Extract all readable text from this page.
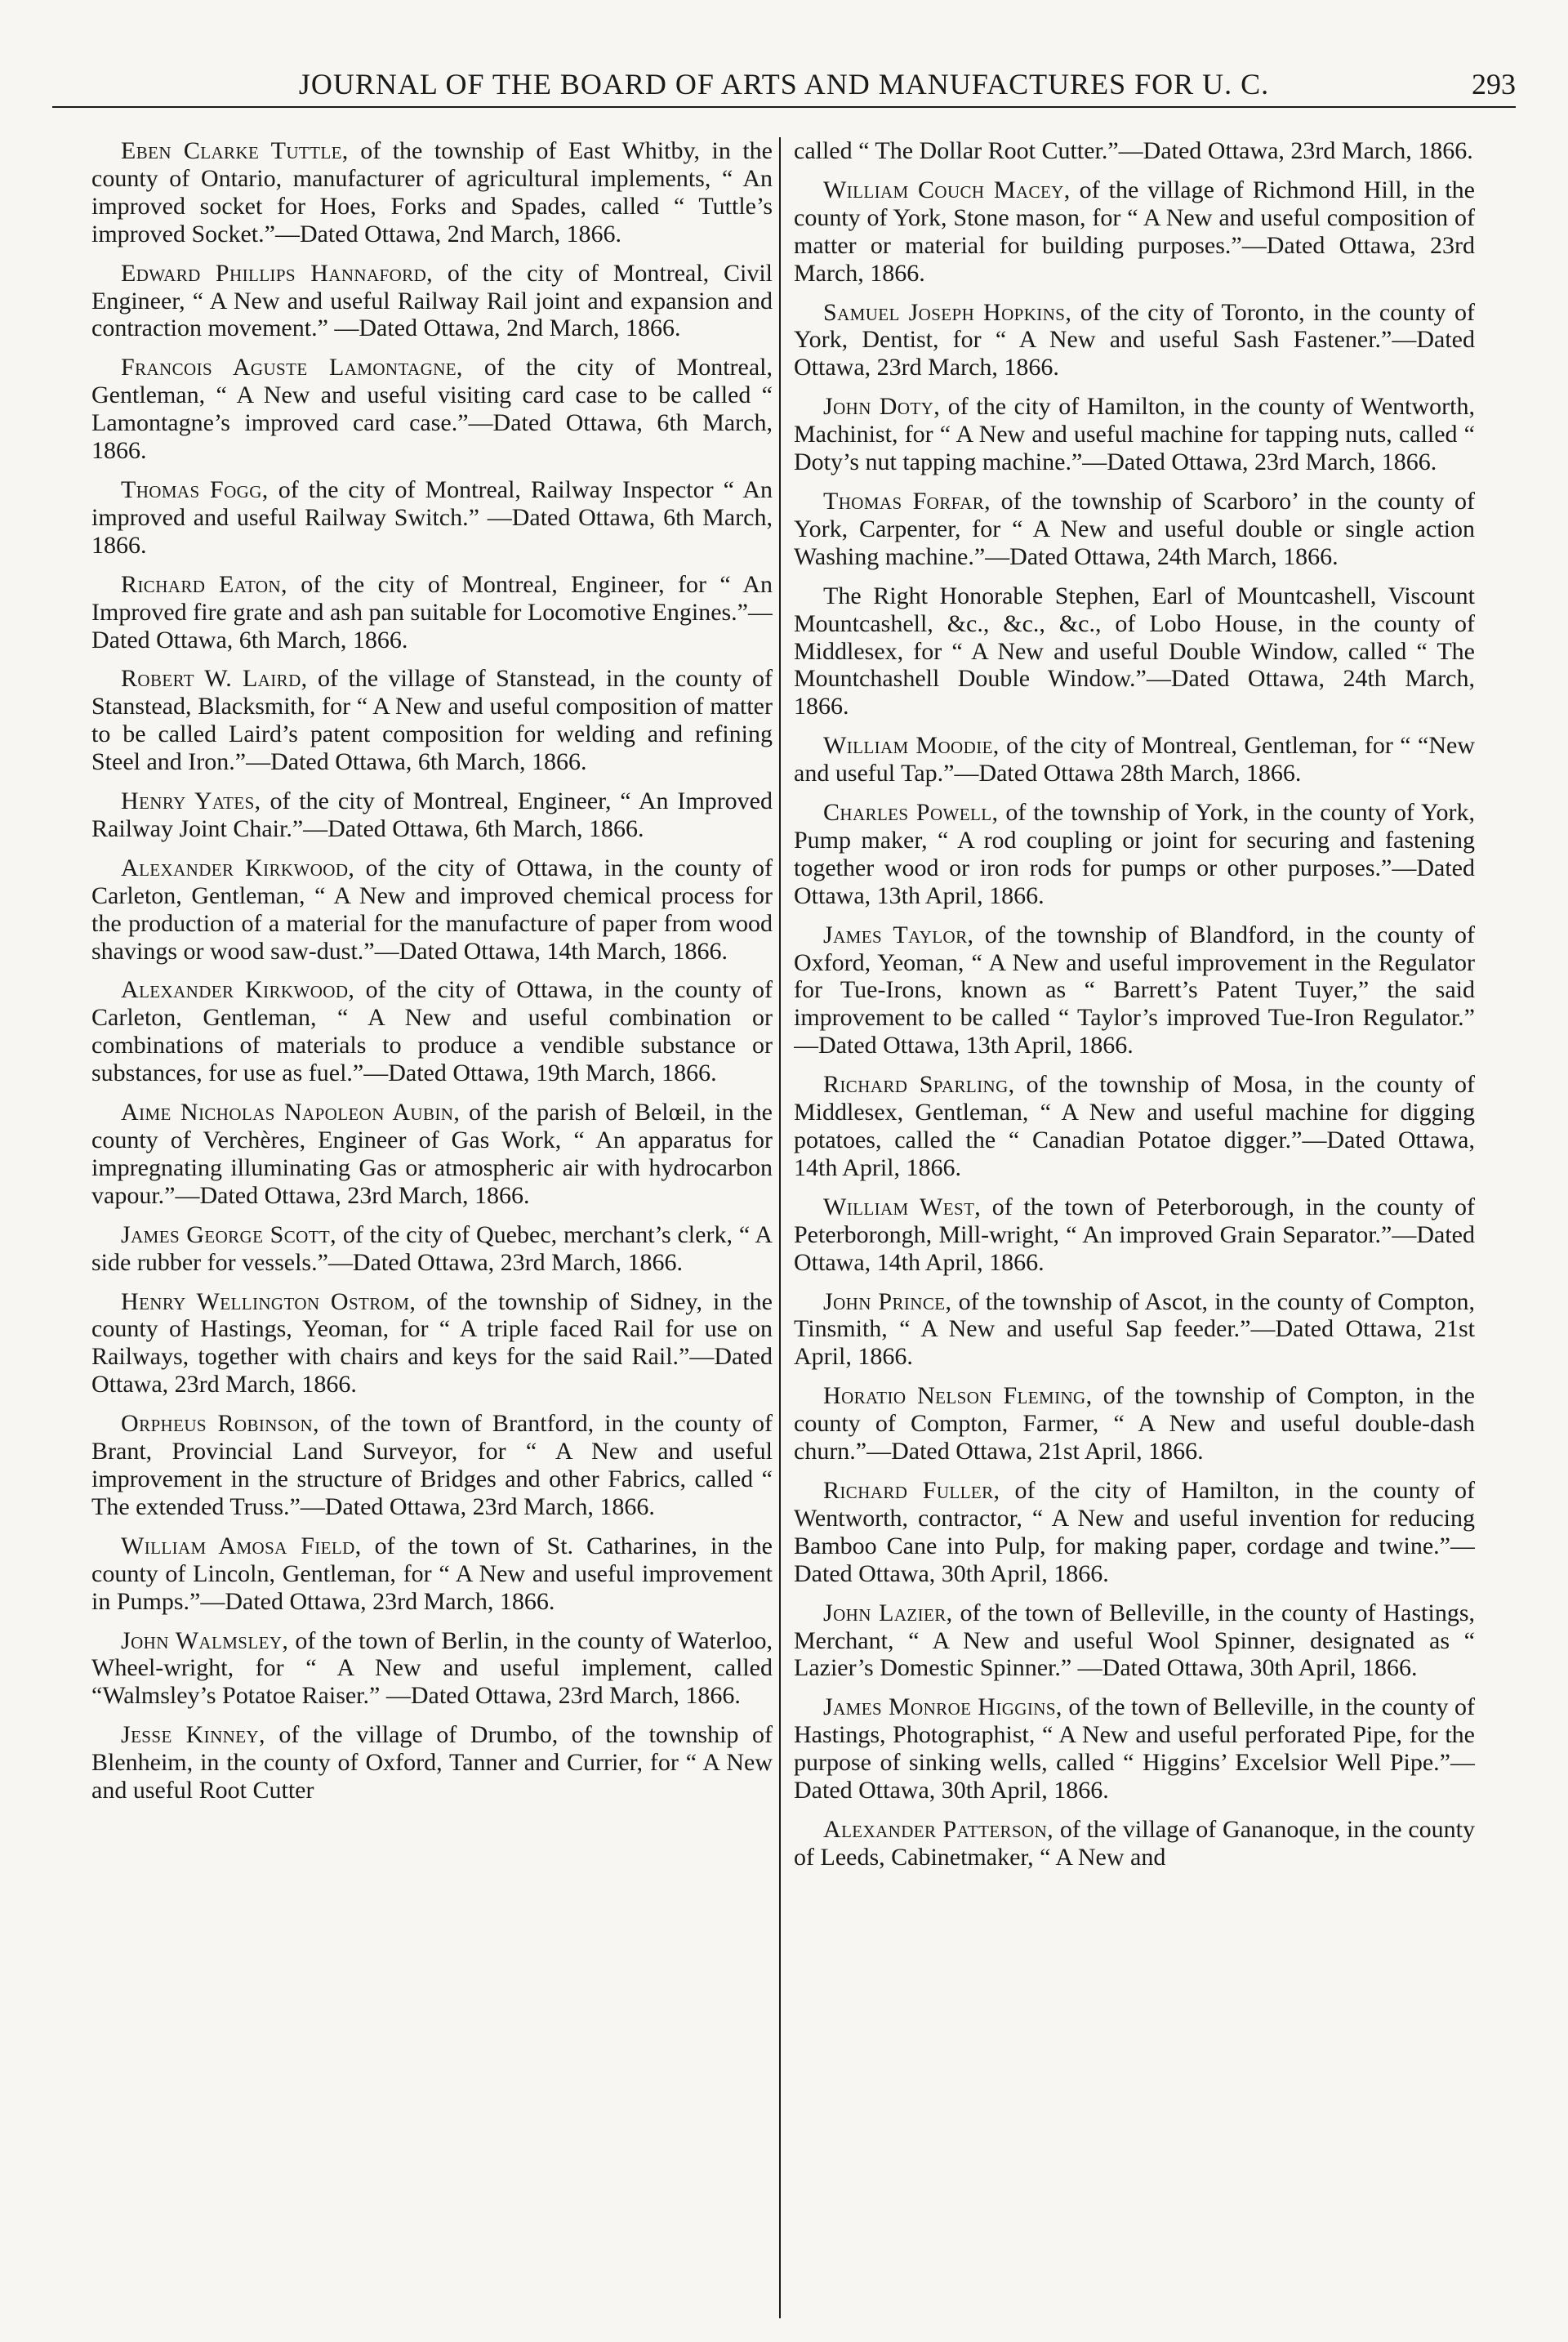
JOURNAL OF THE BOARD OF ARTS AND MANUFACTURES FOR U. C.	293

Eben Clarke Tuttle, of the township of East Whitby, in the county of Ontario, manufacturer of agricultural implements, “ An improved socket for Hoes, Forks and Spades, called “ Tuttle’s improved Socket.”—Dated Ottawa, 2nd March, 1866.

Edward Phillips Hannaford, of the city of Montreal, Civil Engineer, “ A New and useful Railway Rail joint and expansion and contraction movement.” —Dated Ottawa, 2nd March, 1866.

Francois Aguste Lamontagne, of the city of Montreal, Gentleman, “ A New and useful visiting card case to be called “ Lamontagne’s improved card case.”—Dated Ottawa, 6th March, 1866.

Thomas Fogg, of the city of Montreal, Railway Inspector “ An improved and useful Railway Switch.” —Dated Ottawa, 6th March, 1866.

Richard Eaton, of the city of Montreal, Engineer, for “ An Improved fire grate and ash pan suitable for Locomotive Engines.”—Dated Ottawa, 6th March, 1866.

Robert W. Laird, of the village of Stanstead, in the county of Stanstead, Blacksmith, for “ A New and useful composition of matter to be called Laird’s patent composition for welding and refining Steel and Iron.”—Dated Ottawa, 6th March, 1866.

Henry Yates, of the city of Montreal, Engineer, “ An Improved Railway Joint Chair.”—Dated Ottawa, 6th March, 1866.

Alexander Kirkwood, of the city of Ottawa, in the county of Carleton, Gentleman, “ A New and improved chemical process for the production of a material for the manufacture of paper from wood shavings or wood saw-dust.”—Dated Ottawa, 14th March, 1866.

Alexander Kirkwood, of the city of Ottawa, in the county of Carleton, Gentleman, “ A New and useful combination or combinations of materials to produce a vendible substance or substances, for use as fuel.”—Dated Ottawa, 19th March, 1866.

Aime Nicholas Napoleon Aubin, of the parish of Belœil, in the county of Verchères, Engineer of Gas Work, “ An apparatus for impregnating illuminating Gas or atmospheric air with hydrocarbon vapour.”—Dated Ottawa, 23rd March, 1866.

James George Scott, of the city of Quebec, merchant’s clerk, “ A side rubber for vessels.”—Dated Ottawa, 23rd March, 1866.

Henry Wellington Ostrom, of the township of Sidney, in the county of Hastings, Yeoman, for “ A triple faced Rail for use on Railways, together with chairs and keys for the said Rail.”—Dated Ottawa, 23rd March, 1866.

Orpheus Robinson, of the town of Brantford, in the county of Brant, Provincial Land Surveyor, for “ A New and useful improvement in the structure of Bridges and other Fabrics, called “ The extended Truss.”—Dated Ottawa, 23rd March, 1866.

William Amosa Field, of the town of St. Catharines, in the county of Lincoln, Gentleman, for “ A New and useful improvement in Pumps.”—Dated Ottawa, 23rd March, 1866.

John Walmsley, of the town of Berlin, in the county of Waterloo, Wheel-wright, for “ A New and useful implement, called “Walmsley’s Potatoe Raiser.” —Dated Ottawa, 23rd March, 1866.

Jesse Kinney, of the village of Drumbo, of the township of Blenheim, in the county of Oxford, Tanner and Currier, for “ A New and useful Root Cutter

called “ The Dollar Root Cutter.”—Dated Ottawa, 23rd March, 1866.

William Couch Macey, of the village of Richmond Hill, in the county of York, Stone mason, for “ A New and useful composition of matter or material for building purposes.”—Dated Ottawa, 23rd March, 1866.

Samuel Joseph Hopkins, of the city of Toronto, in the county of York, Dentist, for “ A New and useful Sash Fastener.”—Dated Ottawa, 23rd March, 1866.

John Doty, of the city of Hamilton, in the county of Wentworth, Machinist, for “ A New and useful machine for tapping nuts, called “ Doty’s nut tapping machine.”—Dated Ottawa, 23rd March, 1866.

Thomas Forfar, of the township of Scarboro’ in the county of York, Carpenter, for “ A New and useful double or single action Washing machine.”—Dated Ottawa, 24th March, 1866.

The Right Honorable Stephen, Earl of Mountcashell, Viscount Mountcashell, &c., &c., &c., of Lobo House, in the county of Middlesex, for “ A New and useful Double Window, called “ The Mountchashell Double Window.”—Dated Ottawa, 24th March, 1866.

William Moodie, of the city of Montreal, Gentleman, for “ “New and useful Tap.”—Dated Ottawa 28th March, 1866.

Charles Powell, of the township of York, in the county of York, Pump maker, “ A rod coupling or joint for securing and fastening together wood or iron rods for pumps or other purposes.”—Dated Ottawa, 13th April, 1866.

James Taylor, of the township of Blandford, in the county of Oxford, Yeoman, “ A New and useful improvement in the Regulator for Tue-Irons, known as “ Barrett’s Patent Tuyer,” the said improvement to be called “ Taylor’s improved Tue-Iron Regulator.” —Dated Ottawa, 13th April, 1866.

Richard Sparling, of the township of Mosa, in the county of Middlesex, Gentleman, “ A New and useful machine for digging potatoes, called the “ Canadian Potatoe digger.”—Dated Ottawa, 14th April, 1866.

William West, of the town of Peterborough, in the county of Peterborongh, Mill-wright, “ An improved Grain Separator.”—Dated Ottawa, 14th April, 1866.

John Prince, of the township of Ascot, in the county of Compton, Tinsmith, “ A New and useful Sap feeder.”—Dated Ottawa, 21st April, 1866.

Horatio Nelson Fleming, of the township of Compton, in the county of Compton, Farmer, “ A New and useful double-dash churn.”—Dated Ottawa, 21st April, 1866.

Richard Fuller, of the city of Hamilton, in the county of Wentworth, contractor, “ A New and useful invention for reducing Bamboo Cane into Pulp, for making paper, cordage and twine.”—Dated Ottawa, 30th April, 1866.

John Lazier, of the town of Belleville, in the county of Hastings, Merchant, “ A New and useful Wool Spinner, designated as “ Lazier’s Domestic Spinner.” —Dated Ottawa, 30th April, 1866.

James Monroe Higgins, of the town of Belleville, in the county of Hastings, Photographist, “ A New and useful perforated Pipe, for the purpose of sinking wells, called “ Higgins’ Excelsior Well Pipe.”—Dated Ottawa, 30th April, 1866.

Alexander Patterson, of the village of Gananoque, in the county of Leeds, Cabinetmaker, “ A New and
